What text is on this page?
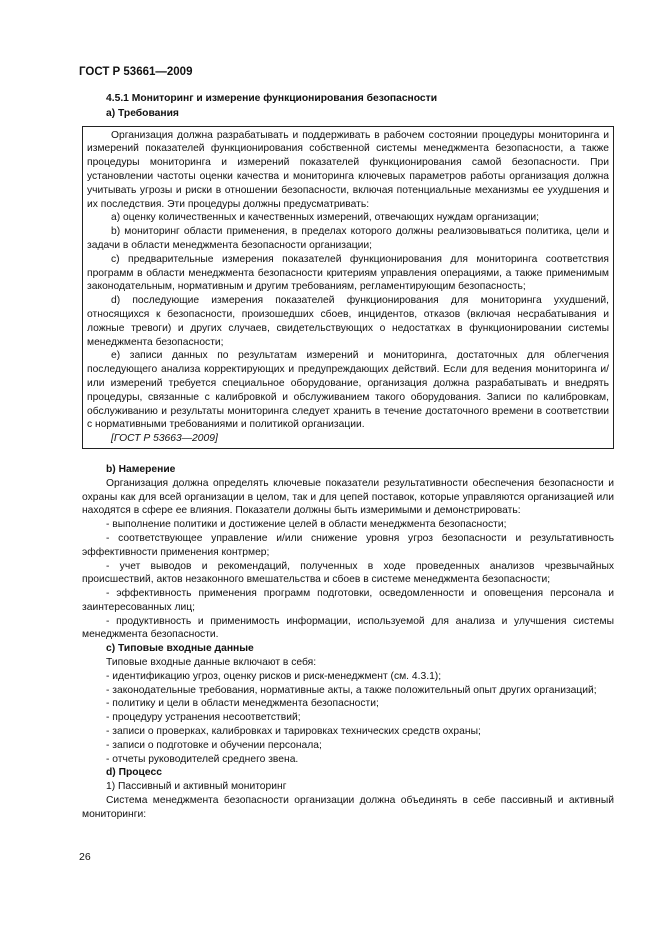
ГОСТ Р 53661—2009

4.5.1 Мониторинг и измерение функционирования безопасности

a) Требования

Организация должна разрабатывать и поддерживать в рабочем состоянии процедуры мониторинга и измерений показателей функционирования собственной системы менеджмента безопасности, а также процедуры мониторинга и измерений показателей функционирования самой безопасности. При установлении частоты оценки качества и мониторинга ключевых параметров работы организация должна учитывать угрозы и риски в отношении безопасности, включая потенциальные механизмы ее ухудшения и их последствия. Эти процедуры должны предусматривать:

a) оценку количественных и качественных измерений, отвечающих нуждам организации;

b) мониторинг области применения, в пределах которого должны реализовываться политика, цели и задачи в области менеджмента безопасности организации;

c) предварительные измерения показателей функционирования для мониторинга соответствия программ в области менеджмента безопасности критериям управления операциями, а также применимым законодательным, нормативным и другим требованиям, регламентирующим безопасность;

d) последующие измерения показателей функционирования для мониторинга ухудшений, относящихся к безопасности, произошедших сбоев, инцидентов, отказов (включая несрабатывания и ложные тревоги) и других случаев, свидетельствующих о недостатках в функционировании системы менеджмента безопасности;

e) записи данных по результатам измерений и мониторинга, достаточных для облегчения последующего анализа корректирующих и предупреждающих действий. Если для ведения мониторинга и/или измерений требуется специальное оборудование, организация должна разрабатывать и внедрять процедуры, связанные с калибровкой и обслуживанием такого оборудования. Записи по калибровкам, обслуживанию и результаты мониторинга следует хранить в течение достаточного времени в соответствии с нормативными требованиями и политикой организации.

[ГОСТ Р 53663—2009]

b) Намерение

Организация должна определять ключевые показатели результативности обеспечения безопасности и охраны как для всей организации в целом, так и для цепей поставок, которые управляются организацией или находятся в сфере ее влияния. Показатели должны быть измеримыми и демонстрировать:

- выполнение политики и достижение целей в области менеджмента безопасности;

- соответствующее управление и/или снижение уровня угроз безопасности и результативность эффективности применения контрмер;

- учет выводов и рекомендаций, полученных в ходе проведенных анализов чрезвычайных происшествий, актов незаконного вмешательства и сбоев в системе менеджмента безопасности;

- эффективность применения программ подготовки, осведомленности и оповещения персонала и заинтересованных лиц;

- продуктивность и применимость информации, используемой для анализа и улучшения системы менеджмента безопасности.

c) Типовые входные данные

Типовые входные данные включают в себя:

- идентификацию угроз, оценку рисков и риск-менеджмент (см. 4.3.1);

- законодательные требования, нормативные акты, а также положительный опыт других организаций;

- политику и цели в области менеджмента безопасности;

- процедуру устранения несоответствий;

- записи о проверках, калибровках и тарировках технических средств охраны;

- записи о подготовке и обучении персонала;

- отчеты руководителей среднего звена.

d) Процесс

1) Пассивный и активный мониторинг

Система менеджмента безопасности организации должна объединять в себе пассивный и активный мониторинги:

26
